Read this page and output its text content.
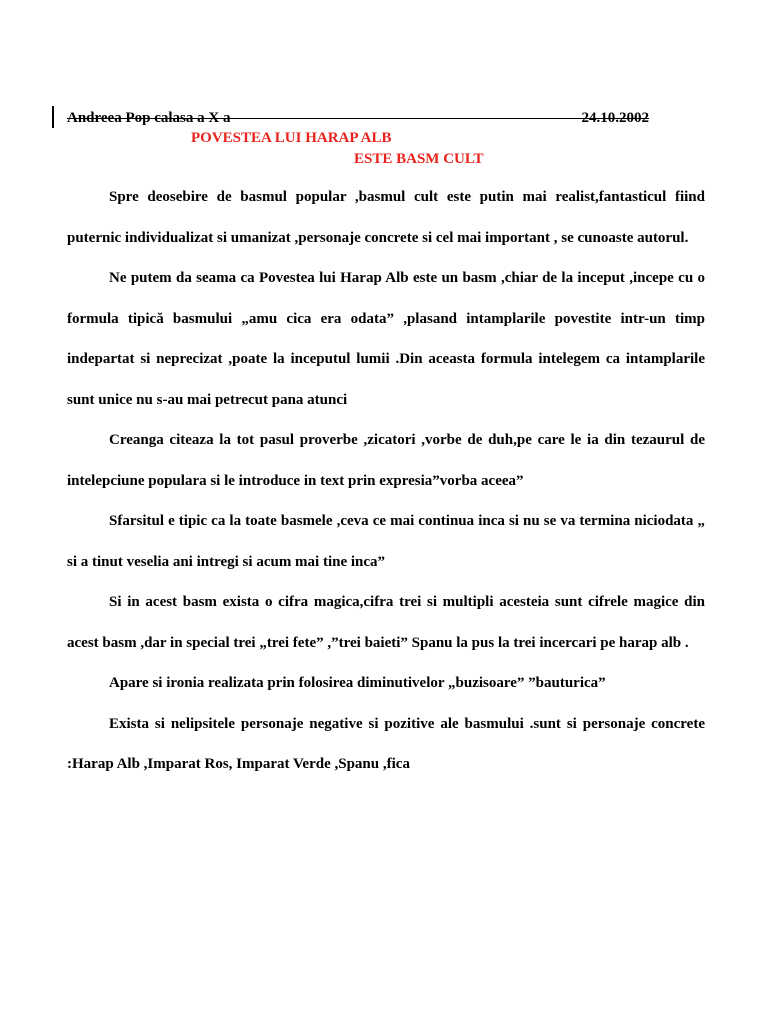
Andreea Pop calasa a X a	24.10.2002
POVESTEA LUI HARAP ALB
ESTE BASM CULT

Spre deosebire de basmul popular ,basmul cult este putin mai realist,fantasticul fiind puternic individualizat si umanizat ,personaje concrete si cel mai important , se cunoaste autorul.

Ne putem da seama ca Povestea lui Harap Alb este un basm ,chiar de la inceput ,incepe cu o formula tipică basmului „amu cica era odata” ,plasand intamplarile povestite intr-un timp indepartat si neprecizat ,poate la inceputul lumii .Din aceasta formula intelegem ca intamplarile sunt unice nu s-au mai petrecut pana atunci

Creanga citeaza la tot pasul proverbe ,zicatori ,vorbe de duh,pe care le ia din tezaurul de intelepciune populara si le introduce in text prin expresia”vorba aceea”

Sfarsitul e tipic ca la toate basmele ,ceva ce mai continua inca si nu se va termina niciodata „ si a tinut veselia ani intregi si acum mai tine inca”

Si in acest basm exista o cifra magica,cifra trei si multipli acesteia sunt cifrele magice din acest basm ,dar in special trei „trei fete” ,”trei baieti” Spanu la pus la trei incercari pe harap alb .

Apare si ironia realizata prin folosirea diminutivelor „buzisoare” ”bauturica”

Exista si nelipsitele personaje negative si pozitive ale basmului .sunt si personaje concrete :Harap Alb ,Imparat Ros, Imparat Verde ,Spanu ,fica
